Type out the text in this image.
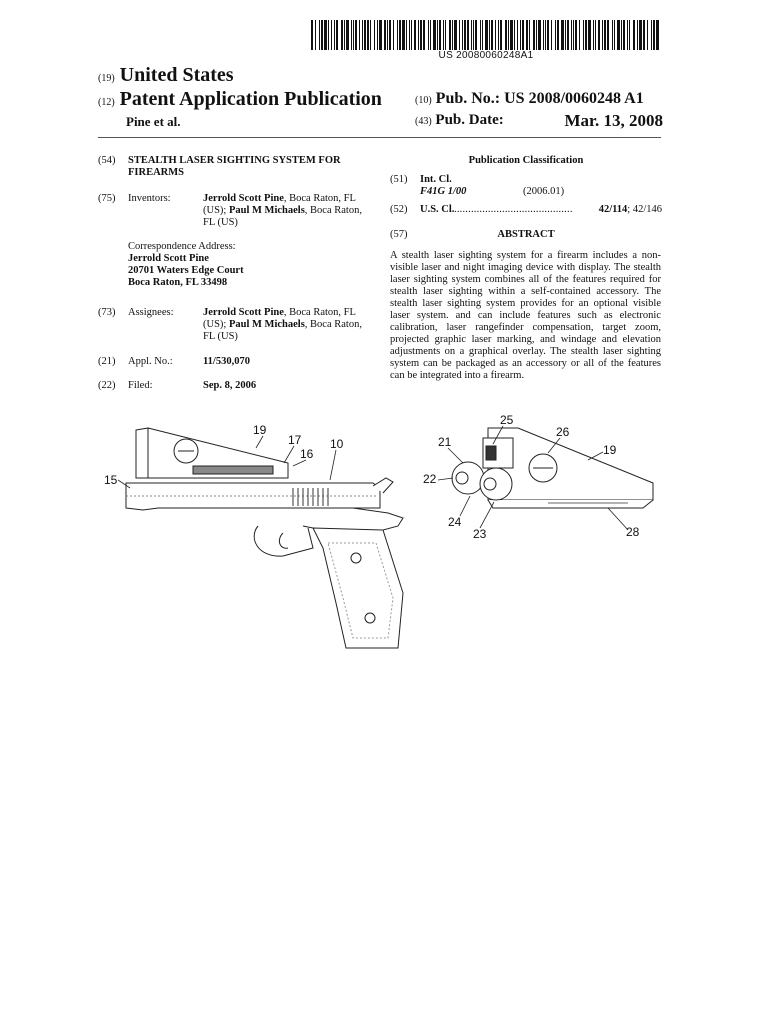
US 20080060248A1
(19) United States
(12) Patent Application Publication
Pine et al.
(10) Pub. No.: US 2008/0060248 A1
(43) Pub. Date:	Mar. 13, 2008
(54) STEALTH LASER SIGHTING SYSTEM FOR FIREARMS
(75) Inventors:	Jerrold Scott Pine, Boca Raton, FL (US); Paul M Michaels, Boca Raton, FL (US)
Correspondence Address:
Jerrold Scott Pine
20701 Waters Edge Court
Boca Raton, FL 33498
(73) Assignees:	Jerrold Scott Pine, Boca Raton, FL (US); Paul M Michaels, Boca Raton, FL (US)
(21) Appl. No.:	11/530,070
(22) Filed:	Sep. 8, 2006
Publication Classification
(51) Int. Cl.
F41G 1/00	(2006.01)
(52) U.S. Cl. .......................................... 42/114; 42/146
(57)	ABSTRACT
A stealth laser sighting system for a firearm includes a non-visible laser and night imaging device with display. The stealth laser sighting system combines all of the features required for stealth laser sighting within a self-contained accessory. The stealth laser sighting system provides for an optional visible laser system. and can include features such as electronic calibration, laser rangefinder compensation, target zoom, projected graphic laser marking, and windage and elevation adjustments on a graphical overlay. The stealth laser sighting system can be packaged as an accessory or all of the features can be integrated into a firearm.
19
17
16
10
15
25
26
21
19
22
24
23	28
